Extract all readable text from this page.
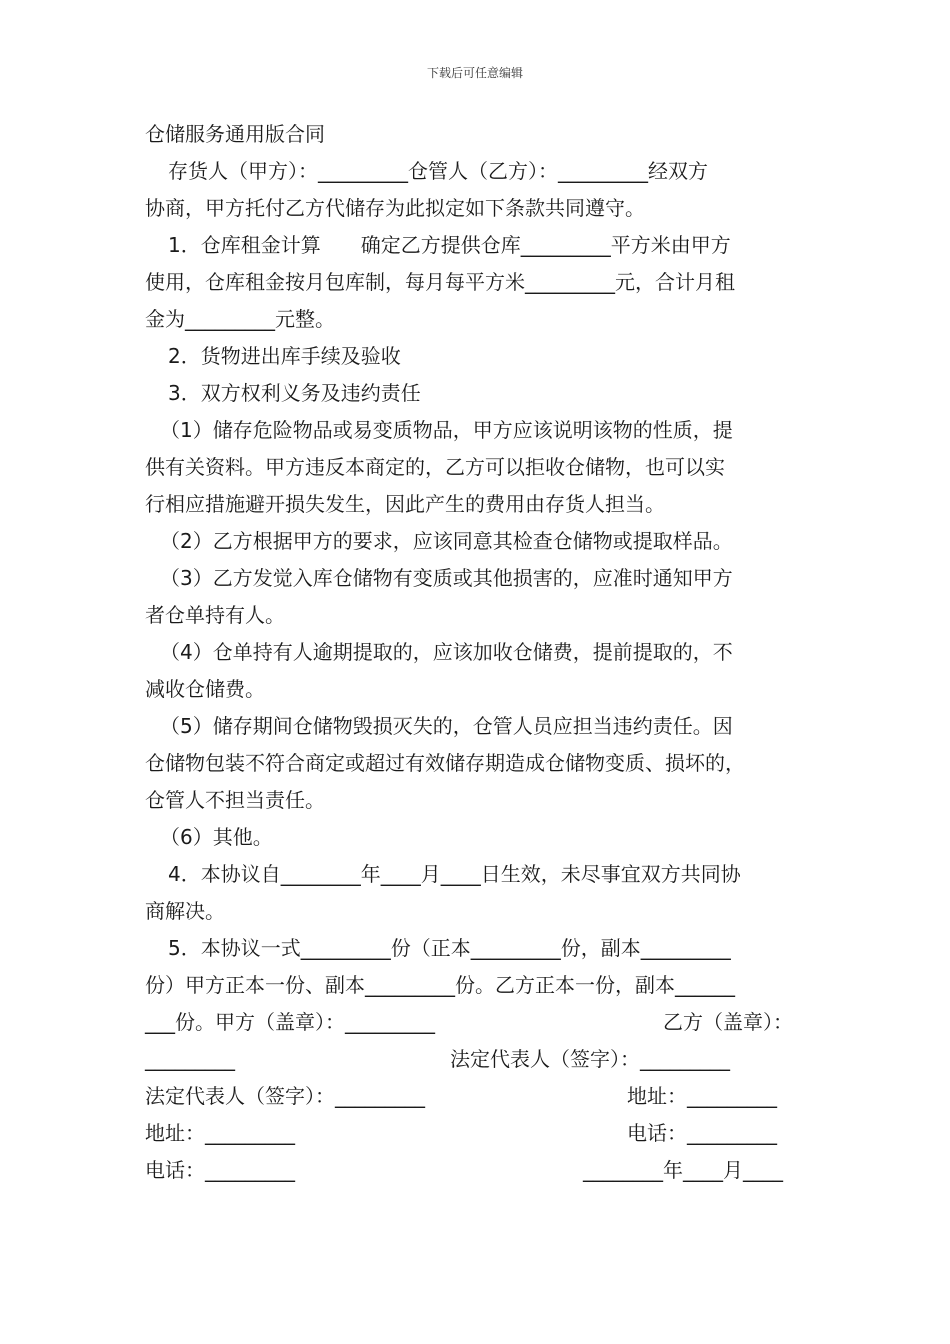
下载后可任意编辑
仓储服务通用版合同
存货人（甲方）：_________仓管人（乙方）：_________经双方
协商，甲方托付乙方代储存为此拟定如下条款共同遵守。
1．仓库租金计算　　确定乙方提供仓库_________平方米由甲方
使用，仓库租金按月包库制，每月每平方米_________元，合计月租
金为_________元整。
2．货物进出库手续及验收
3．双方权利义务及违约责任
（1）储存危险物品或易变质物品，甲方应该说明该物的性质，提
供有关资料。甲方违反本商定的，乙方可以拒收仓储物，也可以实
行相应措施避开损失发生，因此产生的费用由存货人担当。
（2）乙方根据甲方的要求，应该同意其检查仓储物或提取样品。
（3）乙方发觉入库仓储物有变质或其他损害的，应准时通知甲方
者仓单持有人。
（4）仓单持有人逾期提取的，应该加收仓储费，提前提取的，不
减收仓储费。
（5）储存期间仓储物毁损灭失的，仓管人员应担当违约责任。因
仓储物包装不符合商定或超过有效储存期造成仓储物变质、损坏的，
仓管人不担当责任。
（6）其他。
4．本协议自________年____月____日生效，未尽事宜双方共同协
商解决。
5．本协议一式_________份（正本_________份，副本_________
份）甲方正本一份、副本_________份。乙方正本一份，副本______
___份。甲方（盖章）：_________	乙方（盖章）：
_________	法定代表人（签字）：_________
法定代表人（签字）：_________	地址：_________
地址：_________	电话：_________
电话：_________	________年____月____
